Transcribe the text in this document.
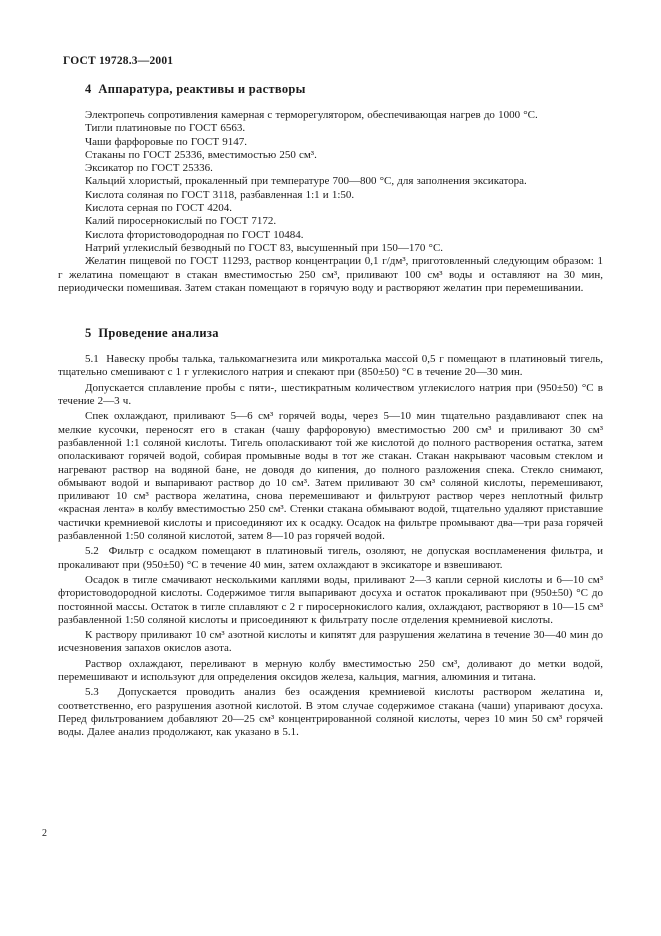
ГОСТ 19728.3—2001
4  Аппаратура, реактивы и растворы

Электропечь сопротивления камерная с терморегулятором, обеспечивающая нагрев до 1000 °С.

Тигли платиновые по ГОСТ 6563.

Чаши фарфоровые по ГОСТ 9147.

Стаканы по ГОСТ 25336, вместимостью 250 см³.

Эксикатор по ГОСТ 25336.

Кальций хлористый, прокаленный при температуре 700—800 °С, для заполнения эксикатора.

Кислота соляная по ГОСТ 3118, разбавленная 1:1 и 1:50.

Кислота серная по ГОСТ 4204.

Калий пиросернокислый по ГОСТ 7172.

Кислота фтористоводородная по ГОСТ 10484.

Натрий углекислый безводный по ГОСТ 83, высушенный при 150—170 °С.

Желатин пищевой по ГОСТ 11293, раствор концентрации 0,1 г/дм³, приготовленный следующим образом: 1 г желатина помещают в стакан вместимостью 250 см³, приливают 100 см³ воды и оставляют на 30 мин, периодически помешивая. Затем стакан помещают в горячую воду и растворяют желатин при перемешивании.

5  Проведение анализа

5.1  Навеску пробы талька, талькомагнезита или микроталька массой 0,5 г помещают в платиновый тигель, тщательно смешивают с 1 г углекислого натрия и спекают при (850±50) °С в течение 20—30 мин.

Допускается сплавление пробы с пяти-, шестикратным количеством углекислого натрия при (950±50) °С в течение 2—3 ч.

Спек охлаждают, приливают 5—6 см³ горячей воды, через 5—10 мин тщательно раздавливают спек на мелкие кусочки, переносят его в стакан (чашу фарфоровую) вместимостью 200 см³ и приливают 30 см³ разбавленной 1:1 соляной кислоты. Тигель ополаскивают той же кислотой до полного растворения остатка, затем ополаскивают горячей водой, собирая промывные воды в тот же стакан. Стакан накрывают часовым стеклом и нагревают раствор на водяной бане, не доводя до кипения, до полного разложения спека. Стекло снимают, обмывают водой и выпаривают раствор до 10 см³. Затем приливают 30 см³ соляной кислоты, перемешивают, приливают 10 см³ раствора желатина, снова перемешивают и фильтруют раствор через неплотный фильтр «красная лента» в колбу вместимостью 250 см³. Стенки стакана обмывают водой, тщательно удаляют приставшие частички кремниевой кислоты и присоединяют их к осадку. Осадок на фильтре промывают два—три раза горячей разбавленной 1:50 соляной кислотой, затем 8—10 раз горячей водой.

5.2  Фильтр с осадком помещают в платиновый тигель, озоляют, не допуская воспламенения фильтра, и прокаливают при (950±50) °С в течение 40 мин, затем охлаждают в эксикаторе и взвешивают.

Осадок в тигле смачивают несколькими каплями воды, приливают 2—3 капли серной кислоты и 6—10 см³ фтористоводородной кислоты. Содержимое тигля выпаривают досуха и остаток прокаливают при (950±50) °С до постоянной массы. Остаток в тигле сплавляют с 2 г пиросернокислого калия, охлаждают, растворяют в 10—15 см³ разбавленной 1:50 соляной кислоты и присоединяют к фильтрату после отделения кремниевой кислоты.

К раствору приливают 10 см³ азотной кислоты и кипятят для разрушения желатина в течение 30—40 мин до исчезновения запахов окислов азота.

Раствор охлаждают, переливают в мерную колбу вместимостью 250 см³, доливают до метки водой, перемешивают и используют для определения оксидов железа, кальция, магния, алюминия и титана.

5.3  Допускается проводить анализ без осаждения кремниевой кислоты раствором желатина и, соответственно, его разрушения азотной кислотой. В этом случае содержимое стакана (чаши) упаривают досуха. Перед фильтрованием добавляют 20—25 см³ концентрированной соляной кислоты, через 10 мин 50 см³ горячей воды. Далее анализ продолжают, как указано в 5.1.

2
